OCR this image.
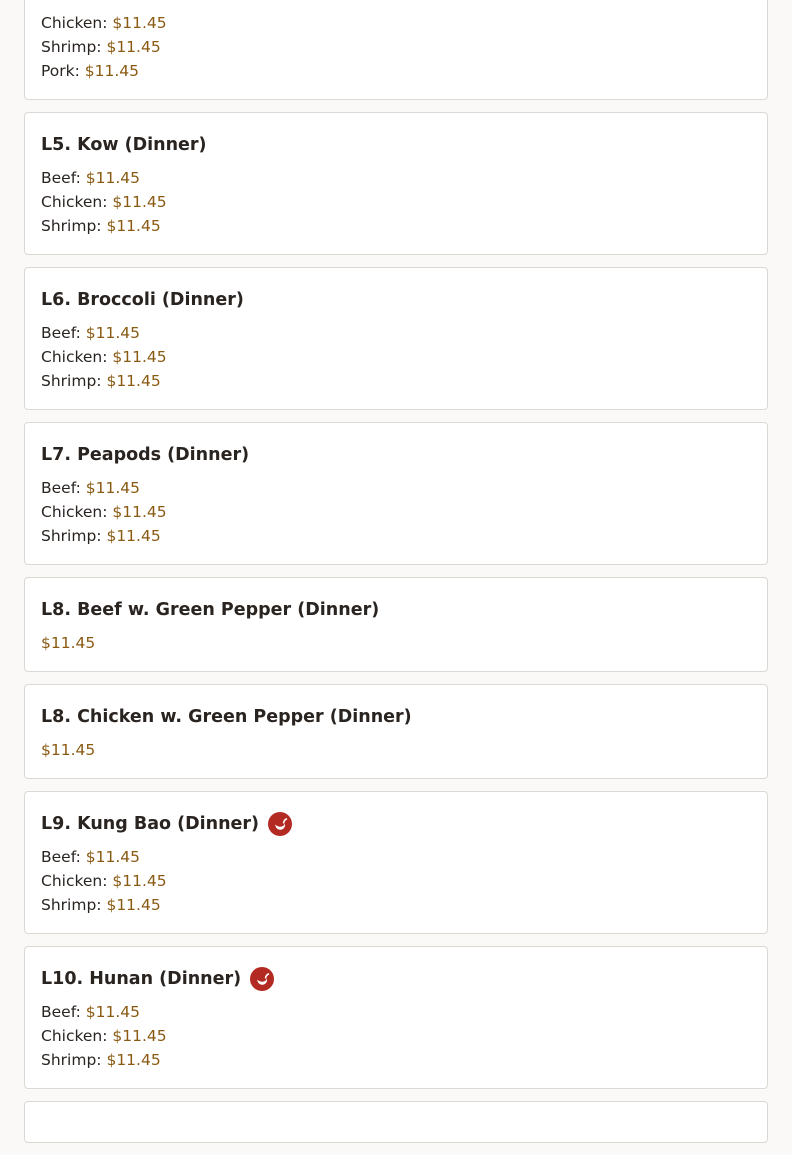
Chicken: $11.45
Shrimp: $11.45
Pork: $11.45
L5. Kow (Dinner)
Beef: $11.45
Chicken: $11.45
Shrimp: $11.45
L6. Broccoli (Dinner)
Beef: $11.45
Chicken: $11.45
Shrimp: $11.45
L7. Peapods (Dinner)
Beef: $11.45
Chicken: $11.45
Shrimp: $11.45
L8. Beef w. Green Pepper (Dinner)
$11.45
L8. Chicken w. Green Pepper (Dinner)
$11.45
L9. Kung Bao (Dinner)
Beef: $11.45
Chicken: $11.45
Shrimp: $11.45
L10. Hunan (Dinner)
Beef: $11.45
Chicken: $11.45
Shrimp: $11.45
